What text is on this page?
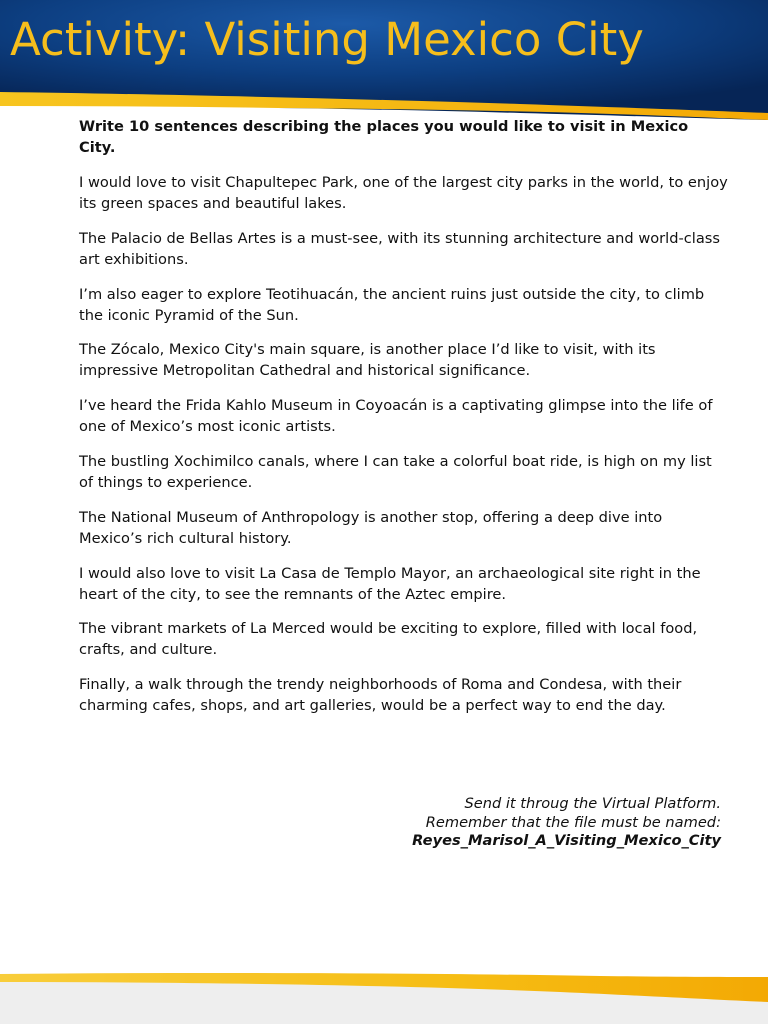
Activity: Visiting Mexico City

Write 10 sentences describing the places you would like to visit in Mexico City.

I would love to visit Chapultepec Park, one of the largest city parks in the world, to enjoy its green spaces and beautiful lakes.

The Palacio de Bellas Artes is a must-see, with its stunning architecture and world-class art exhibitions.

I’m also eager to explore Teotihuacán, the ancient ruins just outside the city, to climb the iconic Pyramid of the Sun.

The Zócalo, Mexico City's main square, is another place I’d like to visit, with its impressive Metropolitan Cathedral and historical significance.

I’ve heard the Frida Kahlo Museum in Coyoacán is a captivating glimpse into the life of one of Mexico’s most iconic artists.

The bustling Xochimilco canals, where I can take a colorful boat ride, is high on my list of things to experience.

The National Museum of Anthropology is another stop, offering a deep dive into Mexico’s rich cultural history.

I would also love to visit La Casa de Templo Mayor, an archaeological site right in the heart of the city, to see the remnants of the Aztec empire.

The vibrant markets of La Merced would be exciting to explore, filled with local food, crafts, and culture.

Finally, a walk through the trendy neighborhoods of Roma and Condesa, with their charming cafes, shops, and art galleries, would be a perfect way to end the day.

Send it throug the Virtual Platform.
Remember that the file must be named:
Reyes_Marisol_A_Visiting_Mexico_City
